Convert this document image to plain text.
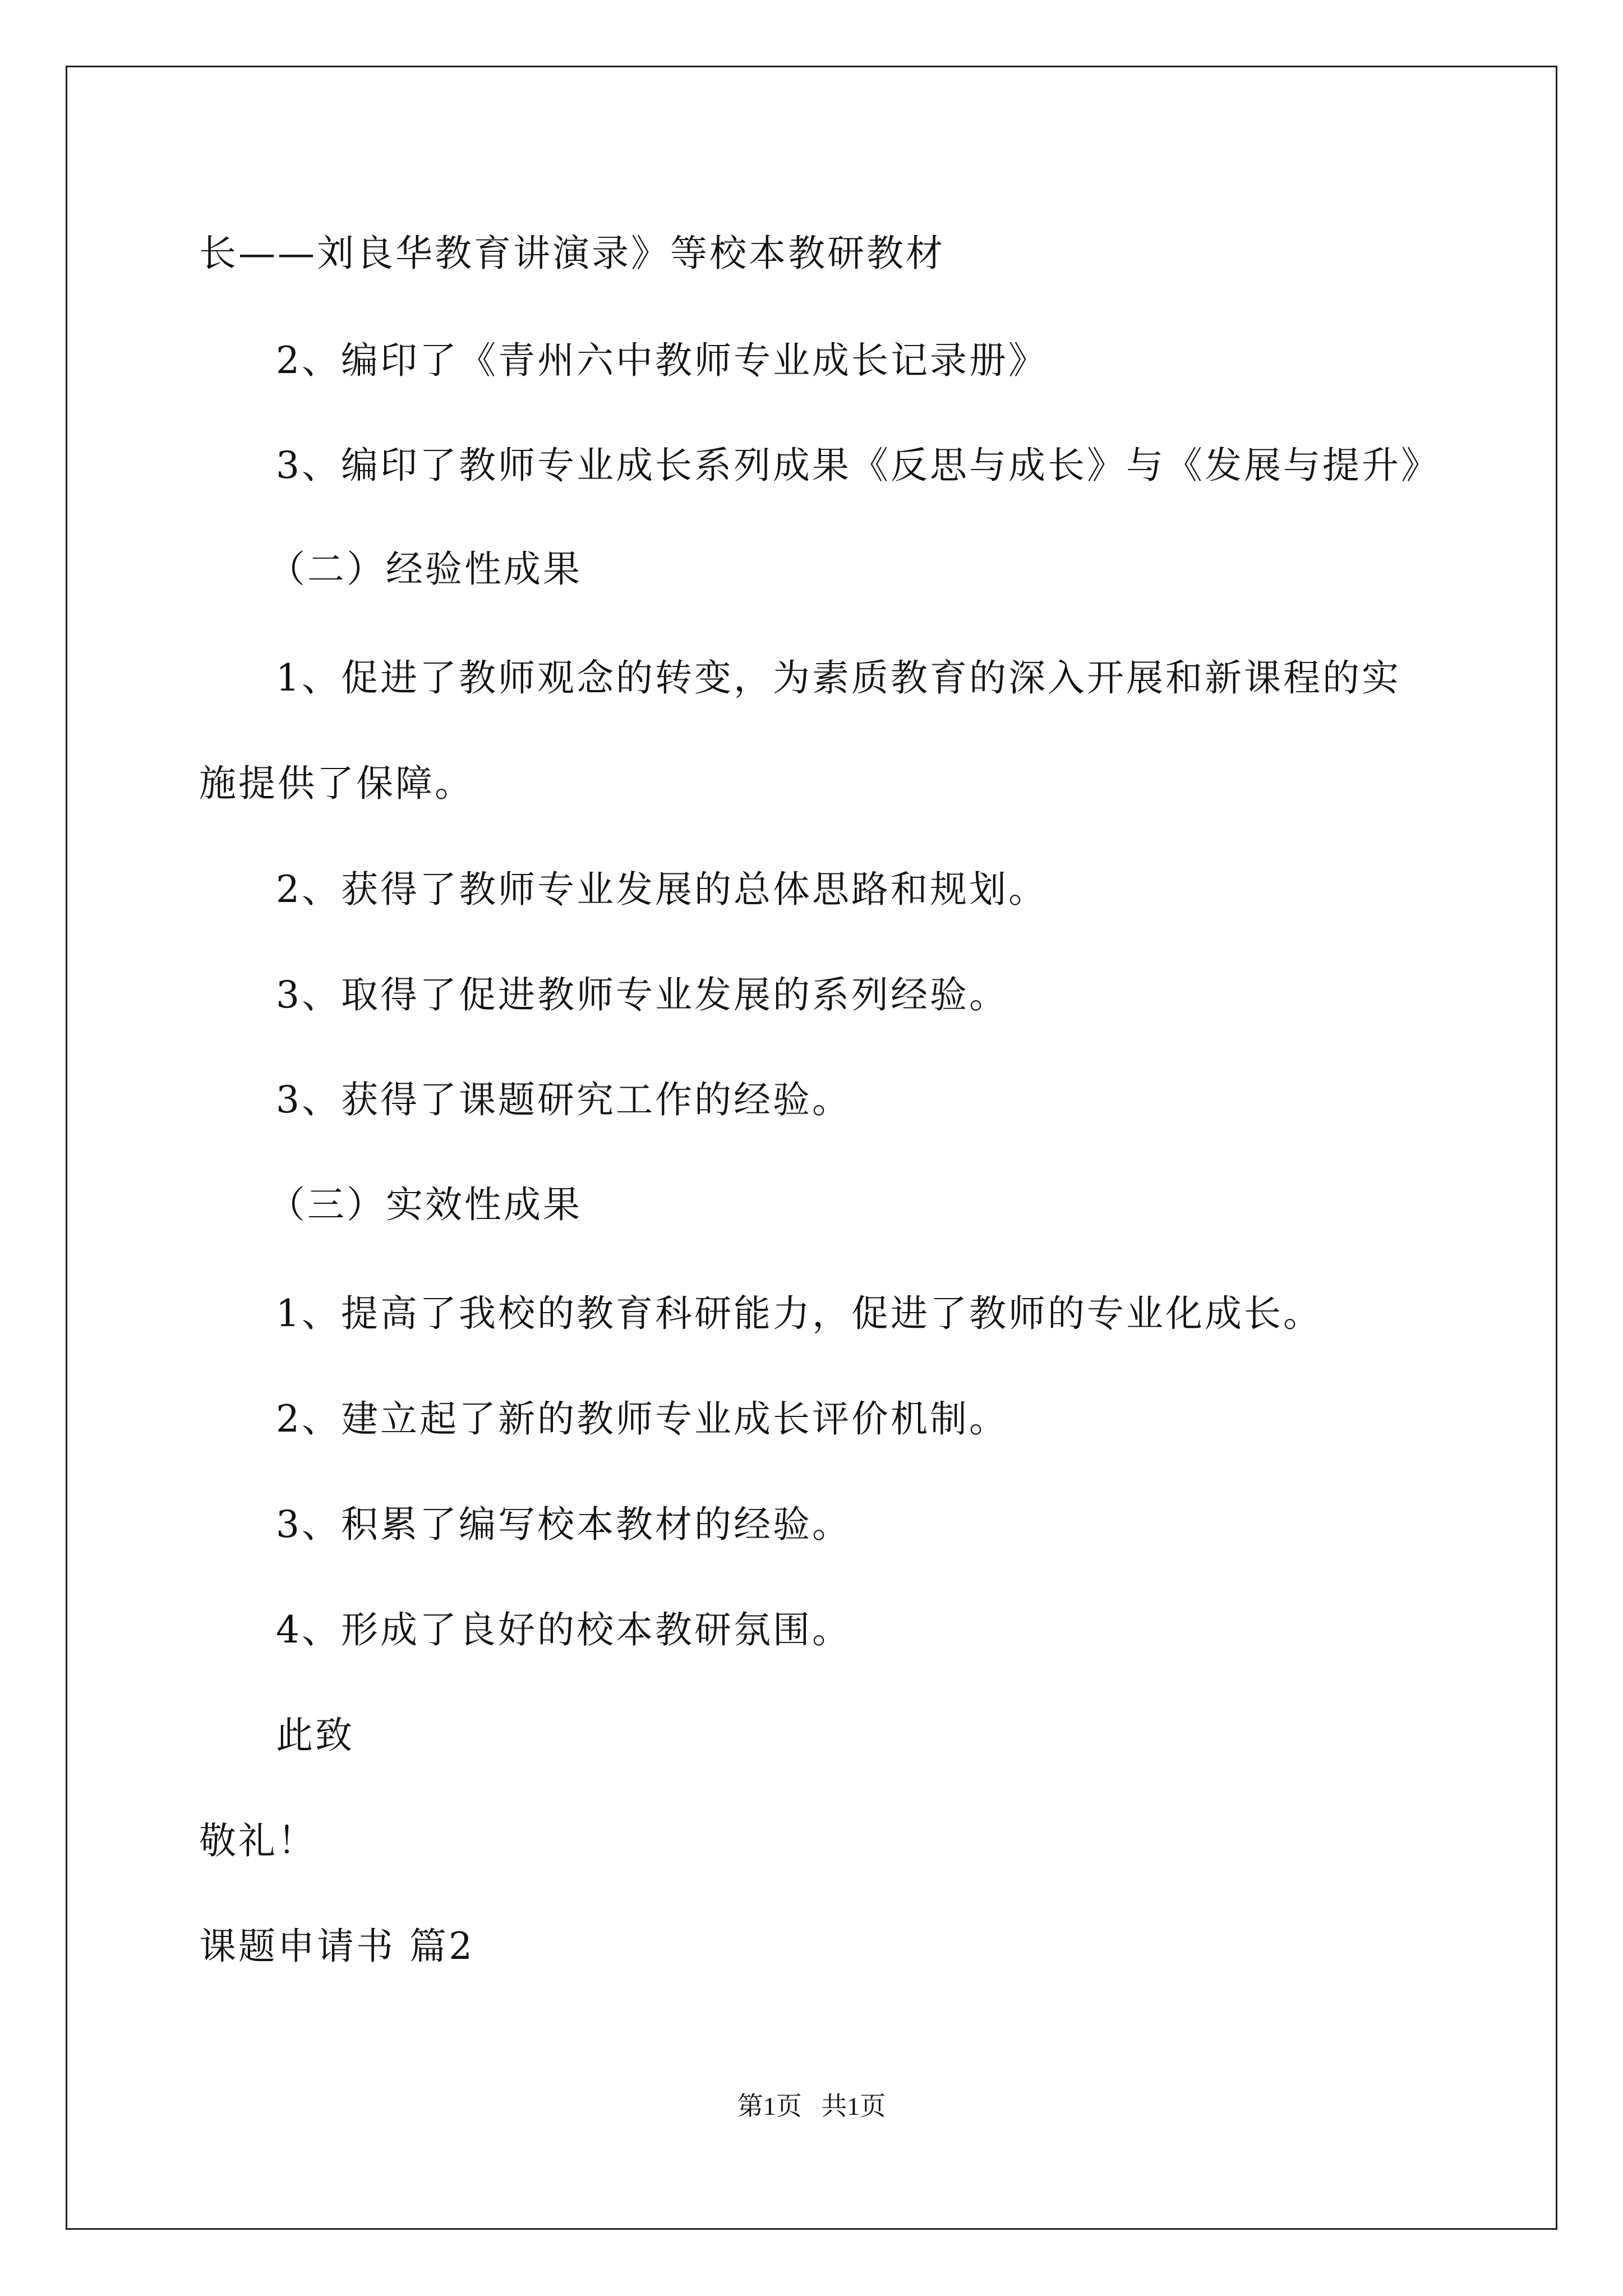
长——刘良华教育讲演录》等校本教研教材
2、编印了《青州六中教师专业成长记录册》
3、编印了教师专业成长系列成果《反思与成长》与《发展与提升》
（二）经验性成果
1、促进了教师观念的转变，为素质教育的深入开展和新课程的实
施提供了保障。
2、获得了教师专业发展的总体思路和规划。
3、取得了促进教师专业发展的系列经验。
3、获得了课题研究工作的经验。
（三）实效性成果
1、提高了我校的教育科研能力，促进了教师的专业化成长。
2、建立起了新的教师专业成长评价机制。
3、积累了编写校本教材的经验。
4、形成了良好的校本教研氛围。
此致
敬礼！
课题申请书 篇2
第1页   共1页
